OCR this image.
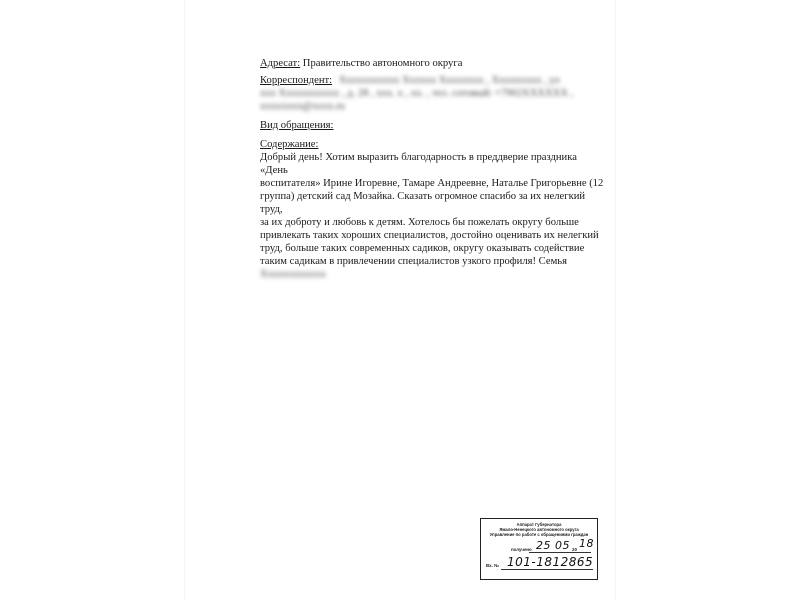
Адресат: Правительство автономного округа
Корреспондент: Ххххххххххх Хххххх Хххххххх , Ххххххххх , ул
ххх Ххххххххххх , д. 28 , ххх. х , хх. , тел. сотовый: +7902ХХХХХХ ,
хххххххх@хххх.ru
Вид обращения:
Содержание:
Добрый день! Хотим выразить благодарность в преддверие праздника «День
воспитателя» Ирине Игоревне, Тамаре Андреевне, Наталье Григорьевне (12
группа) детский сад Мозайка. Сказать огромное спасибо за их нелегкий труд,
за их доброту и любовь к детям. Хотелось бы пожелать округу больше
привлекать таких хороших специалистов, достойно оценивать их нелегкий
труд, больше таких современных садиков, округу оказывать содействие
таким садикам в привлечении специалистов узкого профиля! Семья
Хххххххххххх
Аппарат Губернатора
Ямало-Ненецкого автономного округа
Управление по работе с обращениями граждан
получено 25 05 20 18
Вх. № 101-1812865
